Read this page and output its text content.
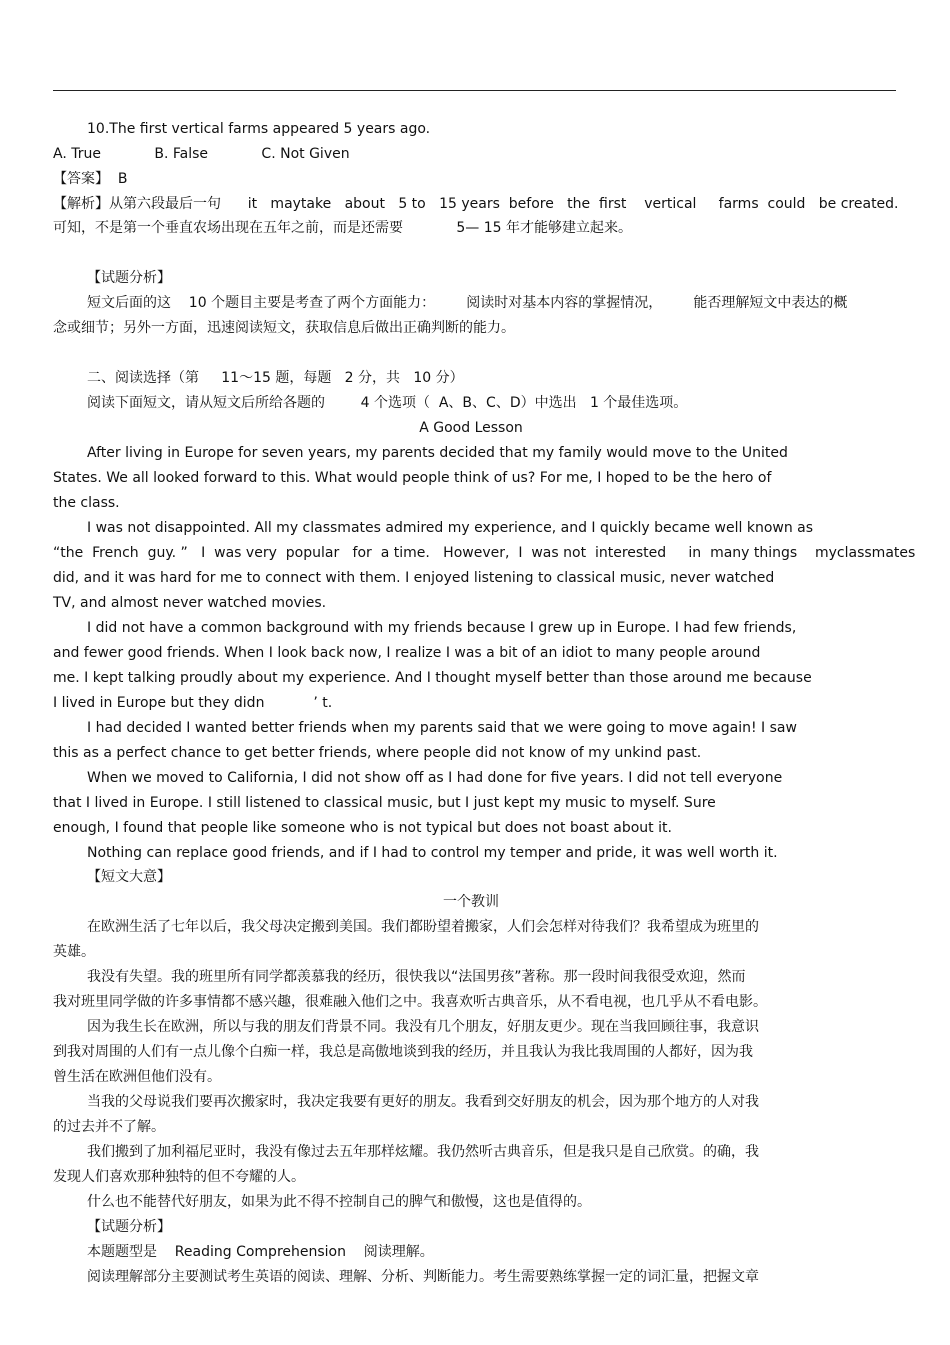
10.The first vertical farms appeared 5 years ago.
A. True            B. False            C. Not Given
【答案】  B
【解析】从第六段最后一句      it   maytake   about   5 to   15 years  before   the  first    vertical     farms  could   be created.
可知，不是第一个垂直农场出现在五年之前，而是还需要            5— 15 年才能够建立起来。
【试题分析】
短文后面的这    10 个题目主要是考查了两个方面能力：       阅读时对基本内容的掌握情况，       能否理解短文中表达的概
念或细节；另外一方面，迅速阅读短文，获取信息后做出正确判断的能力。
二、阅读选择（第     11～15 题，每题   2 分，共   10 分）
阅读下面短文，请从短文后所给各题的        4 个选项（  A、B、C、D）中选出   1 个最佳选项。
A Good Lesson
After living in Europe for seven years, my parents decided that my family would move to the United
States. We all looked forward to this. What would people think of us? For me, I hoped to be the hero of
the class.
I was not disappointed. All my classmates admired my experience, and I quickly became well known as
“the  French  guy. ”   I  was very  popular   for  a time.   However,  I  was not  interested     in  many things    myclassmates
did, and it was hard for me to connect with them. I enjoyed listening to classical music, never watched
TV, and almost never watched movies.
I did not have a common background with my friends because I grew up in Europe. I had few friends,
and fewer good friends. When I look back now, I realize I was a bit of an idiot to many people around
me. I kept talking proudly about my experience. And I thought myself better than those around me because
I lived in Europe but they didn           ’ t.
I had decided I wanted better friends when my parents said that we were going to move again! I saw
this as a perfect chance to get better friends, where people did not know of my unkind past.
When we moved to California, I did not show off as I had done for five years. I did not tell everyone
that I lived in Europe. I still listened to classical music, but I just kept my music to myself. Sure
enough, I found that people like someone who is not typical but does not boast about it.
Nothing can replace good friends, and if I had to control my temper and pride, it was well worth it.
【短文大意】
一个教训
在欧洲生活了七年以后，我父母决定搬到美国。我们都盼望着搬家，人们会怎样对待我们？我希望成为班里的
英雄。
我没有失望。我的班里所有同学都羡慕我的经历，很快我以“法国男孩”著称。那一段时间我很受欢迎，然而
我对班里同学做的许多事情都不感兴趣，很难融入他们之中。我喜欢听古典音乐，从不看电视，也几乎从不看电影。
因为我生长在欧洲，所以与我的朋友们背景不同。我没有几个朋友，好朋友更少。现在当我回顾往事，我意识
到我对周围的人们有一点儿像个白痴一样，我总是高傲地谈到我的经历，并且我认为我比我周围的人都好，因为我
曾生活在欧洲但他们没有。
当我的父母说我们要再次搬家时，我决定我要有更好的朋友。我看到交好朋友的机会，因为那个地方的人对我
的过去并不了解。
我们搬到了加利福尼亚时，我没有像过去五年那样炫耀。我仍然听古典音乐，但是我只是自己欣赏。的确，我
发现人们喜欢那种独特的但不夸耀的人。
什么也不能替代好朋友，如果为此不得不控制自己的脾气和傲慢，这也是值得的。
【试题分析】
本题题型是    Reading Comprehension    阅读理解。
阅读理解部分主要测试考生英语的阅读、理解、分析、判断能力。考生需要熟练掌握一定的词汇量，把握文章
